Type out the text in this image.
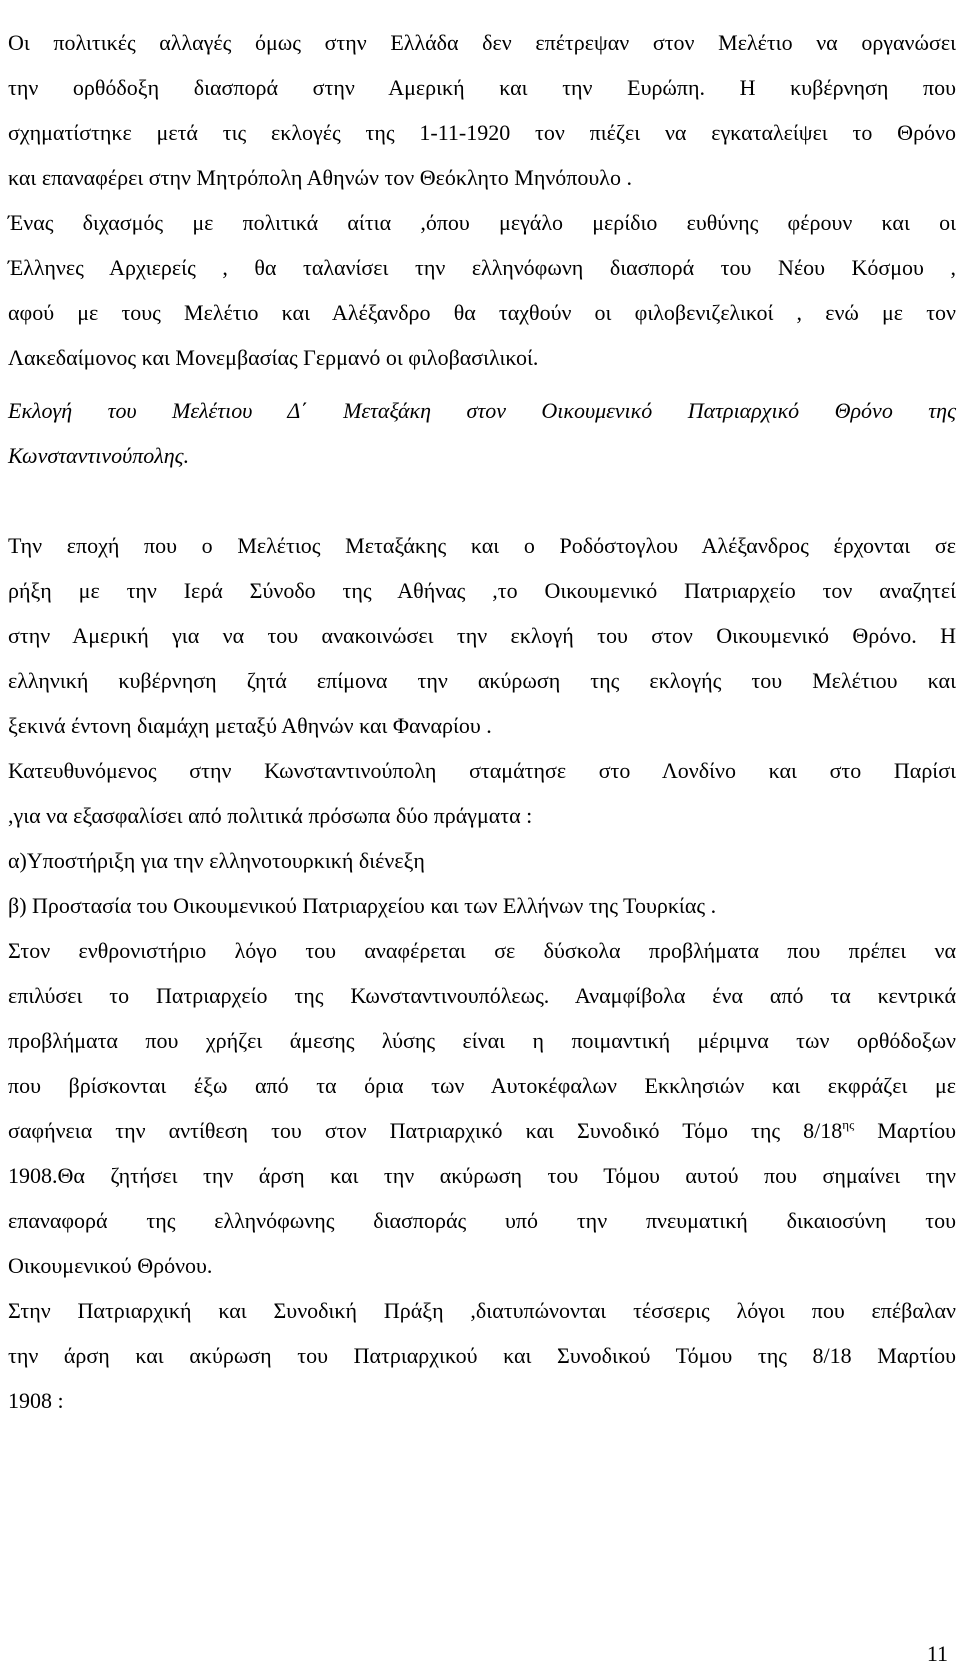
Οι πολιτικές αλλαγές όμως στην Ελλάδα δεν επέτρεψαν στον Μελέτιο να οργανώσει
την ορθόδοξη διασπορά στην Αμερική και την Ευρώπη. Η κυβέρνηση που
σχηματίστηκε μετά τις εκλογές της 1-11-1920 τον πιέζει να εγκαταλείψει το Θρόνο
και επαναφέρει στην Μητρόπολη Αθηνών τον Θεόκλητο Μηνόπουλο .
Ένας διχασμός με πολιτικά αίτια ,όπου μεγάλο μερίδιο ευθύνης φέρουν και οι
Έλληνες Αρχιερείς , θα ταλανίσει την ελληνόφωνη διασπορά του Νέου Κόσμου ,
αφού με τους Μελέτιο και Αλέξανδρο θα ταχθούν οι φιλοβενιζελικοί , ενώ με τον
Λακεδαίμονος και Μονεμβασίας Γερμανό οι φιλοβασιλικοί.
Εκλογή του Μελέτιου Δ΄ Μεταξάκη στον Οικουμενικό Πατριαρχικό Θρόνο της
Κωνσταντινούπολης.
Την εποχή που ο Μελέτιος Μεταξάκης και ο Ροδόστογλου Αλέξανδρος έρχονται σε
ρήξη με την Ιερά Σύνοδο της Αθήνας ,το Οικουμενικό Πατριαρχείο τον αναζητεί
στην Αμερική για να του ανακοινώσει την εκλογή του στον Οικουμενικό Θρόνο. Η
ελληνική κυβέρνηση ζητά επίμονα την ακύρωση της εκλογής του Μελέτιου και
ξεκινά έντονη διαμάχη μεταξύ Αθηνών και Φαναρίου .
Κατευθυνόμενος στην Κωνσταντινούπολη σταμάτησε στο Λονδίνο και στο Παρίσι
,για να εξασφαλίσει από πολιτικά πρόσωπα δύο πράγματα :
α)Υποστήριξη για την ελληνοτουρκική διένεξη
β) Προστασία του Οικουμενικού Πατριαρχείου και των Ελλήνων της Τουρκίας .
Στον ενθρονιστήριο λόγο του αναφέρεται σε δύσκολα προβλήματα που πρέπει να
επιλύσει το Πατριαρχείο της Κωνσταντινουπόλεως. Αναμφίβολα ένα από τα κεντρικά
προβλήματα που χρήζει άμεσης λύσης είναι η ποιμαντική μέριμνα των ορθόδοξων
που βρίσκονται έξω από τα όρια των Αυτοκέφαλων Εκκλησιών και εκφράζει με
σαφήνεια την αντίθεση του στον Πατριαρχικό και Συνοδικό Τόμο της $8/18^{\eta\varsigma}$ Μαρτίου
1908.Θα ζητήσει την άρση και την ακύρωση του Τόμου αυτού που σημαίνει την
επαναφορά της ελληνόφωνης διασποράς υπό την πνευματική δικαιοσύνη του
Οικουμενικού Θρόνου.
Στην Πατριαρχική και Συνοδική Πράξη ,διατυπώνονται τέσσερις λόγοι που επέβαλαν
την άρση και ακύρωση του Πατριαρχικού και Συνοδικού Τόμου της 8/18 Μαρτίου
1908 :
11
